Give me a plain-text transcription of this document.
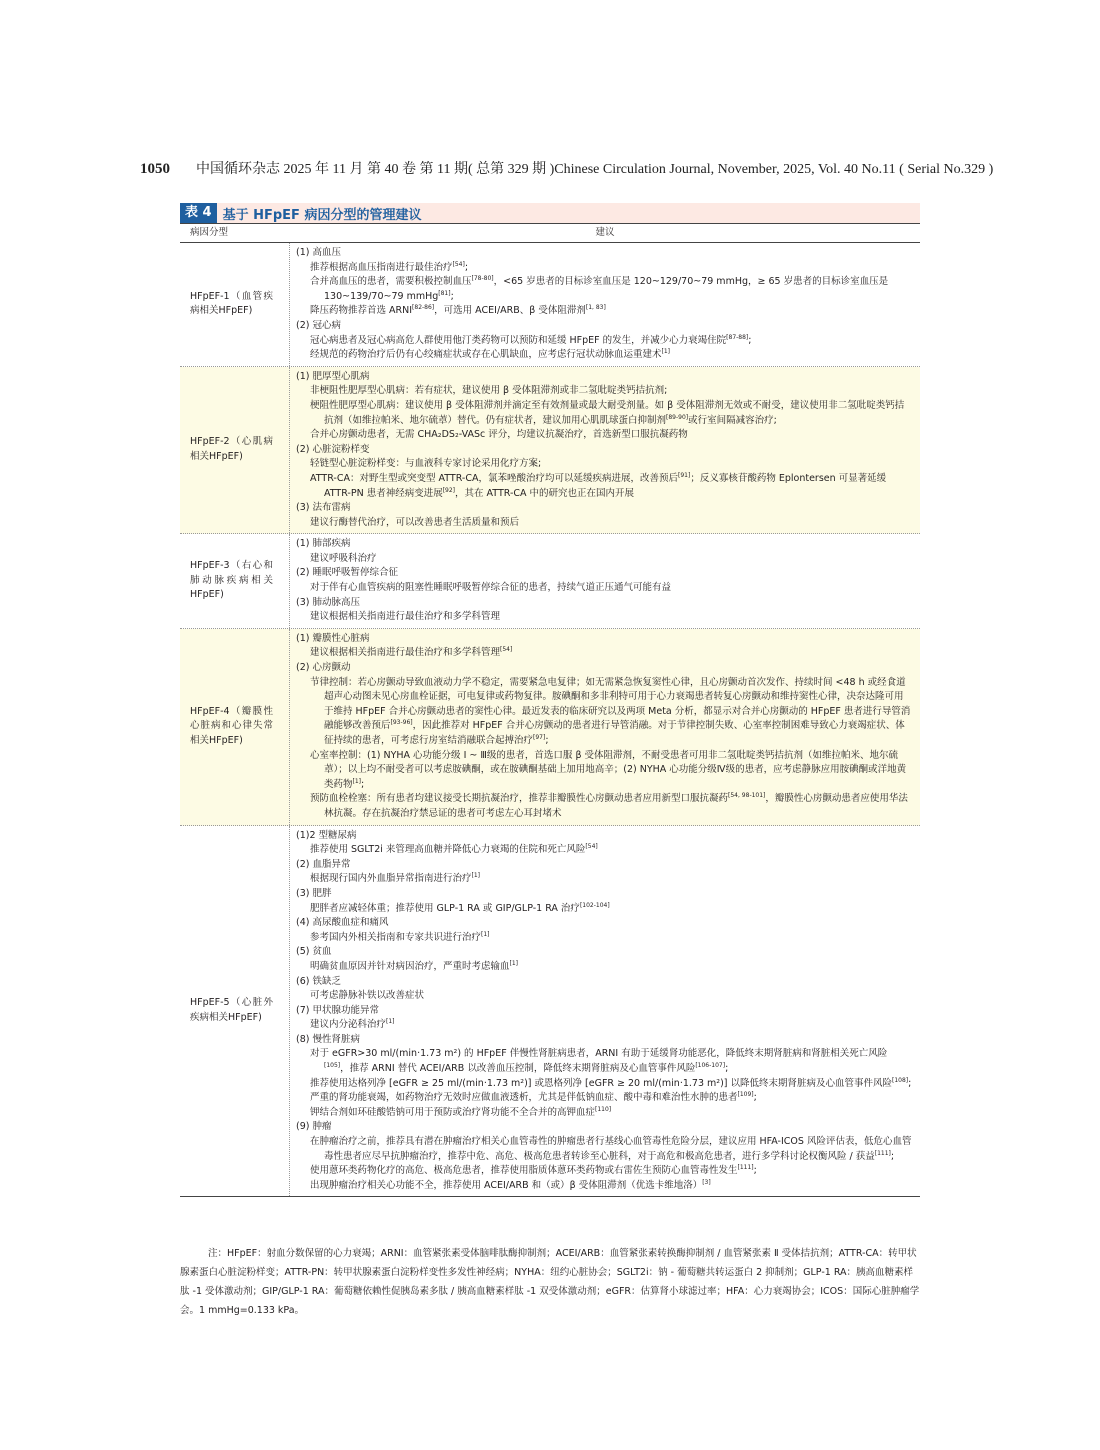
1050 中国循环杂志 2025 年 11 月 第 40 卷 第 11 期( 总第 329 期 )Chinese Circulation Journal, November, 2025, Vol. 40 No.11 ( Serial No.329 )
表 4 基于 HFpEF 病因分型的管理建议
病因分型	建议
HFpEF-1（血管疾病相关HFpEF)
(1) 高血压
推荐根据高血压指南进行最佳治疗[54];
合并高血压的患者，需要积极控制血压[78-80]，<65 岁患者的目标诊室血压是 120~129/70~79 mmHg，≥ 65 岁患者的目标诊室血压是 130~139/70~79 mmHg[81];
降压药物推荐首选 ARNI[82-86]，可选用 ACEI/ARB、β 受体阻滞剂[1, 83]
(2) 冠心病
冠心病患者及冠心病高危人群使用他汀类药物可以预防和延缓 HFpEF 的发生，并减少心力衰竭住院[87-88];
经规范的药物治疗后仍有心绞痛症状或存在心肌缺血，应考虑行冠状动脉血运重建术[1]
HFpEF-2（心肌病相关HFpEF)
(1) 肥厚型心肌病
非梗阻性肥厚型心肌病：若有症状，建议使用 β 受体阻滞剂或非二氢吡啶类钙拮抗剂;
梗阻性肥厚型心肌病：建议使用 β 受体阻滞剂并滴定至有效剂量或最大耐受剂量。如 β 受体阻滞剂无效或不耐受，建议使用非二氢吡啶类钙拮抗剂（如维拉帕米、地尔硫䓬）替代。仍有症状者，建议加用心肌肌球蛋白抑制剂[89-90]或行室间隔减容治疗;
合并心房颤动患者，无需 CHA₂DS₂-VASc 评分，均建议抗凝治疗，首选新型口服抗凝药物
(2) 心脏淀粉样变
轻链型心脏淀粉样变：与血液科专家讨论采用化疗方案;
ATTR-CA：对野生型或突变型 ATTR-CA，氯苯唑酸治疗均可以延缓疾病进展，改善预后[91]；反义寡核苷酸药物 Eplontersen 可显著延缓 ATTR-PN 患者神经病变进展[92]，其在 ATTR-CA 中的研究也正在国内开展
(3) 法布雷病
建议行酶替代治疗，可以改善患者生活质量和预后
HFpEF-3（右心和肺动脉疾病相关 HFpEF)
(1) 肺部疾病
建议呼吸科治疗
(2) 睡眠呼吸暂停综合征
对于伴有心血管疾病的阻塞性睡眠呼吸暂停综合征的患者，持续气道正压通气可能有益
(3) 肺动脉高压
建议根据相关指南进行最佳治疗和多学科管理
HFpEF-4（瓣膜性心脏病和心律失常相关HFpEF)
(1) 瓣膜性心脏病
建议根据相关指南进行最佳治疗和多学科管理[54]
(2) 心房颤动
节律控制：若心房颤动导致血液动力学不稳定，需要紧急电复律；如无需紧急恢复窦性心律，且心房颤动首次发作、持续时间 <48 h 或经食道超声心动图未见心房血栓证据，可电复律或药物复律。胺碘酮和多非利特可用于心力衰竭患者转复心房颤动和维持窦性心律，决奈达隆可用于维持 HFpEF 合并心房颤动患者的窦性心律。最近发表的临床研究以及两项 Meta 分析，都显示对合并心房颤动的 HFpEF 患者进行导管消融能够改善预后[93-96]，因此推荐对 HFpEF 合并心房颤动的患者进行导管消融。对于节律控制失败、心室率控制困难导致心力衰竭症状、体征持续的患者，可考虑行房室结消融联合起搏治疗[97];
心室率控制：(1) NYHA 心功能分级 Ⅰ ~ Ⅲ级的患者，首选口服 β 受体阻滞剂，不耐受患者可用非二氢吡啶类钙拮抗剂（如维拉帕米、地尔硫䓬）；以上均不耐受者可以考虑胺碘酮，或在胺碘酮基础上加用地高辛；(2) NYHA 心功能分级Ⅳ级的患者，应考虑静脉应用胺碘酮或洋地黄类药物[1];
预防血栓栓塞：所有患者均建议接受长期抗凝治疗，推荐非瓣膜性心房颤动患者应用新型口服抗凝药[54, 98-101]，瓣膜性心房颤动患者应使用华法林抗凝。存在抗凝治疗禁忌证的患者可考虑左心耳封堵术
HFpEF-5（心脏外疾病相关HFpEF)
(1)2 型糖尿病
推荐使用 SGLT2i 来管理高血糖并降低心力衰竭的住院和死亡风险[54]
(2) 血脂异常
根据现行国内外血脂异常指南进行治疗[1]
(3) 肥胖
肥胖者应减轻体重；推荐使用 GLP-1 RA 或 GIP/GLP-1 RA 治疗[102-104]
(4) 高尿酸血症和痛风
参考国内外相关指南和专家共识进行治疗[1]
(5) 贫血
明确贫血原因并针对病因治疗，严重时考虑输血[1]
(6) 铁缺乏
可考虑静脉补铁以改善症状
(7) 甲状腺功能异常
建议内分泌科治疗[1]
(8) 慢性肾脏病
对于 eGFR>30 ml/(min·1.73 m²) 的 HFpEF 伴慢性肾脏病患者，ARNI 有助于延缓肾功能恶化，降低终末期肾脏病和肾脏相关死亡风险[105]，推荐 ARNI 替代 ACEI/ARB 以改善血压控制，降低终末期肾脏病及心血管事件风险[106-107];
推荐使用达格列净 [eGFR ≥ 25 ml/(min·1.73 m²)] 或恩格列净 [eGFR ≥ 20 ml/(min·1.73 m²)] 以降低终末期肾脏病及心血管事件风险[108];
严重的肾功能衰竭，如药物治疗无效时应做血液透析，尤其是伴低钠血症、酸中毒和难治性水肿的患者[109];
钾结合剂如环硅酸锆钠可用于预防或治疗肾功能不全合并的高钾血症[110]
(9) 肿瘤
在肿瘤治疗之前，推荐具有潜在肿瘤治疗相关心血管毒性的肿瘤患者行基线心血管毒性危险分层，建议应用 HFA-ICOS 风险评估表，低危心血管毒性患者应尽早抗肿瘤治疗，推荐中危、高危、极高危患者转诊至心脏科，对于高危和极高危患者，进行多学科讨论权衡风险 / 获益[111];
使用蒽环类药物化疗的高危、极高危患者，推荐使用脂质体蒽环类药物或右雷佐生预防心血管毒性发生[111];
出现肿瘤治疗相关心功能不全，推荐使用 ACEI/ARB 和（或）β 受体阻滞剂（优选卡维地洛）[3]
注：HFpEF：射血分数保留的心力衰竭；ARNI：血管紧张素受体脑啡肽酶抑制剂；ACEI/ARB：血管紧张素转换酶抑制剂 / 血管紧张素 Ⅱ 受体拮抗剂；ATTR-CA：转甲状腺素蛋白心脏淀粉样变；ATTR-PN：转甲状腺素蛋白淀粉样变性多发性神经病；NYHA：纽约心脏协会；SGLT2i：钠 - 葡萄糖共转运蛋白 2 抑制剂；GLP-1 RA：胰高血糖素样肽 -1 受体激动剂；GIP/GLP-1 RA：葡萄糖依赖性促胰岛素多肽 / 胰高血糖素样肽 -1 双受体激动剂；eGFR：估算肾小球滤过率；HFA：心力衰竭协会；ICOS：国际心脏肿瘤学会。1 mmHg=0.133 kPa。
